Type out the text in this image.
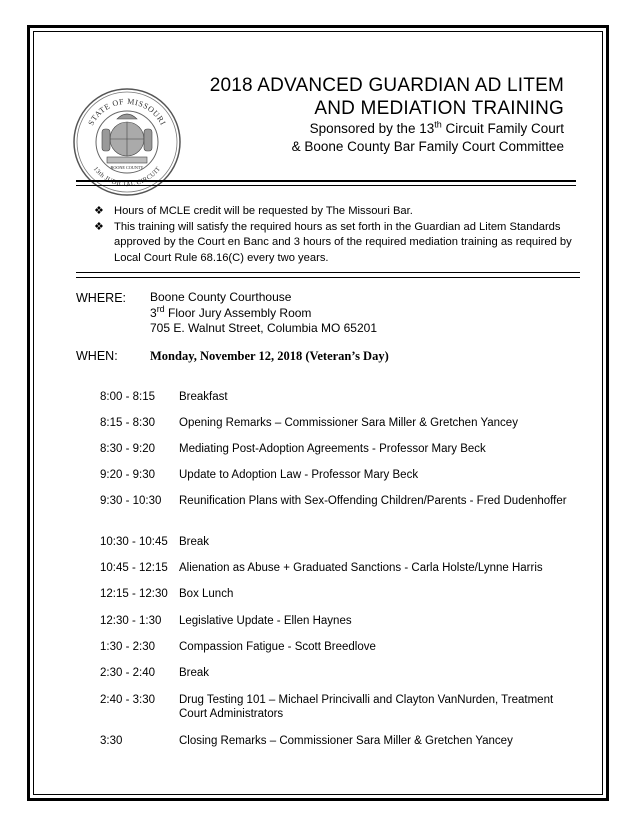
STATE OF MISSOURI
13th JUDICIAL CIRCUIT
BOONE COUNTY
2018 ADVANCED GUARDIAN AD LITEM
AND MEDIATION TRAINING
Sponsored by the 13th Circuit Family Court
& Boone County Bar Family Court Committee
❖ Hours of MCLE credit will be requested by The Missouri Bar.
❖ This training will satisfy the required hours as set forth in the Guardian ad Litem Standards approved by the Court en Banc and 3 hours of the required mediation training as required by Local Court Rule 68.16(C) every two years.
WHERE: Boone County Courthouse
3rd Floor Jury Assembly Room
705 E. Walnut Street, Columbia MO 65201
WHEN:	Monday, November 12, 2018 (Veteran’s Day)
8:00 - 8:15	Breakfast
8:15 - 8:30	Opening Remarks – Commissioner Sara Miller & Gretchen Yancey
8:30 - 9:20	Mediating Post-Adoption Agreements - Professor Mary Beck
9:20 - 9:30	Update to Adoption Law - Professor Mary Beck
9:30 - 10:30	Reunification Plans with Sex-Offending Children/Parents - Fred Dudenhoffer
10:30 - 10:45 Break
10:45 - 12:15 Alienation as Abuse + Graduated Sanctions - Carla Holste/Lynne Harris
12:15 - 12:30 Box Lunch
12:30 - 1:30	Legislative Update - Ellen Haynes
1:30 - 2:30	Compassion Fatigue - Scott Breedlove
2:30 - 2:40	Break
2:40 - 3:30	Drug Testing 101 – Michael Princivalli and Clayton VanNurden, Treatment Court Administrators
3:30	Closing Remarks – Commissioner Sara Miller & Gretchen Yancey
